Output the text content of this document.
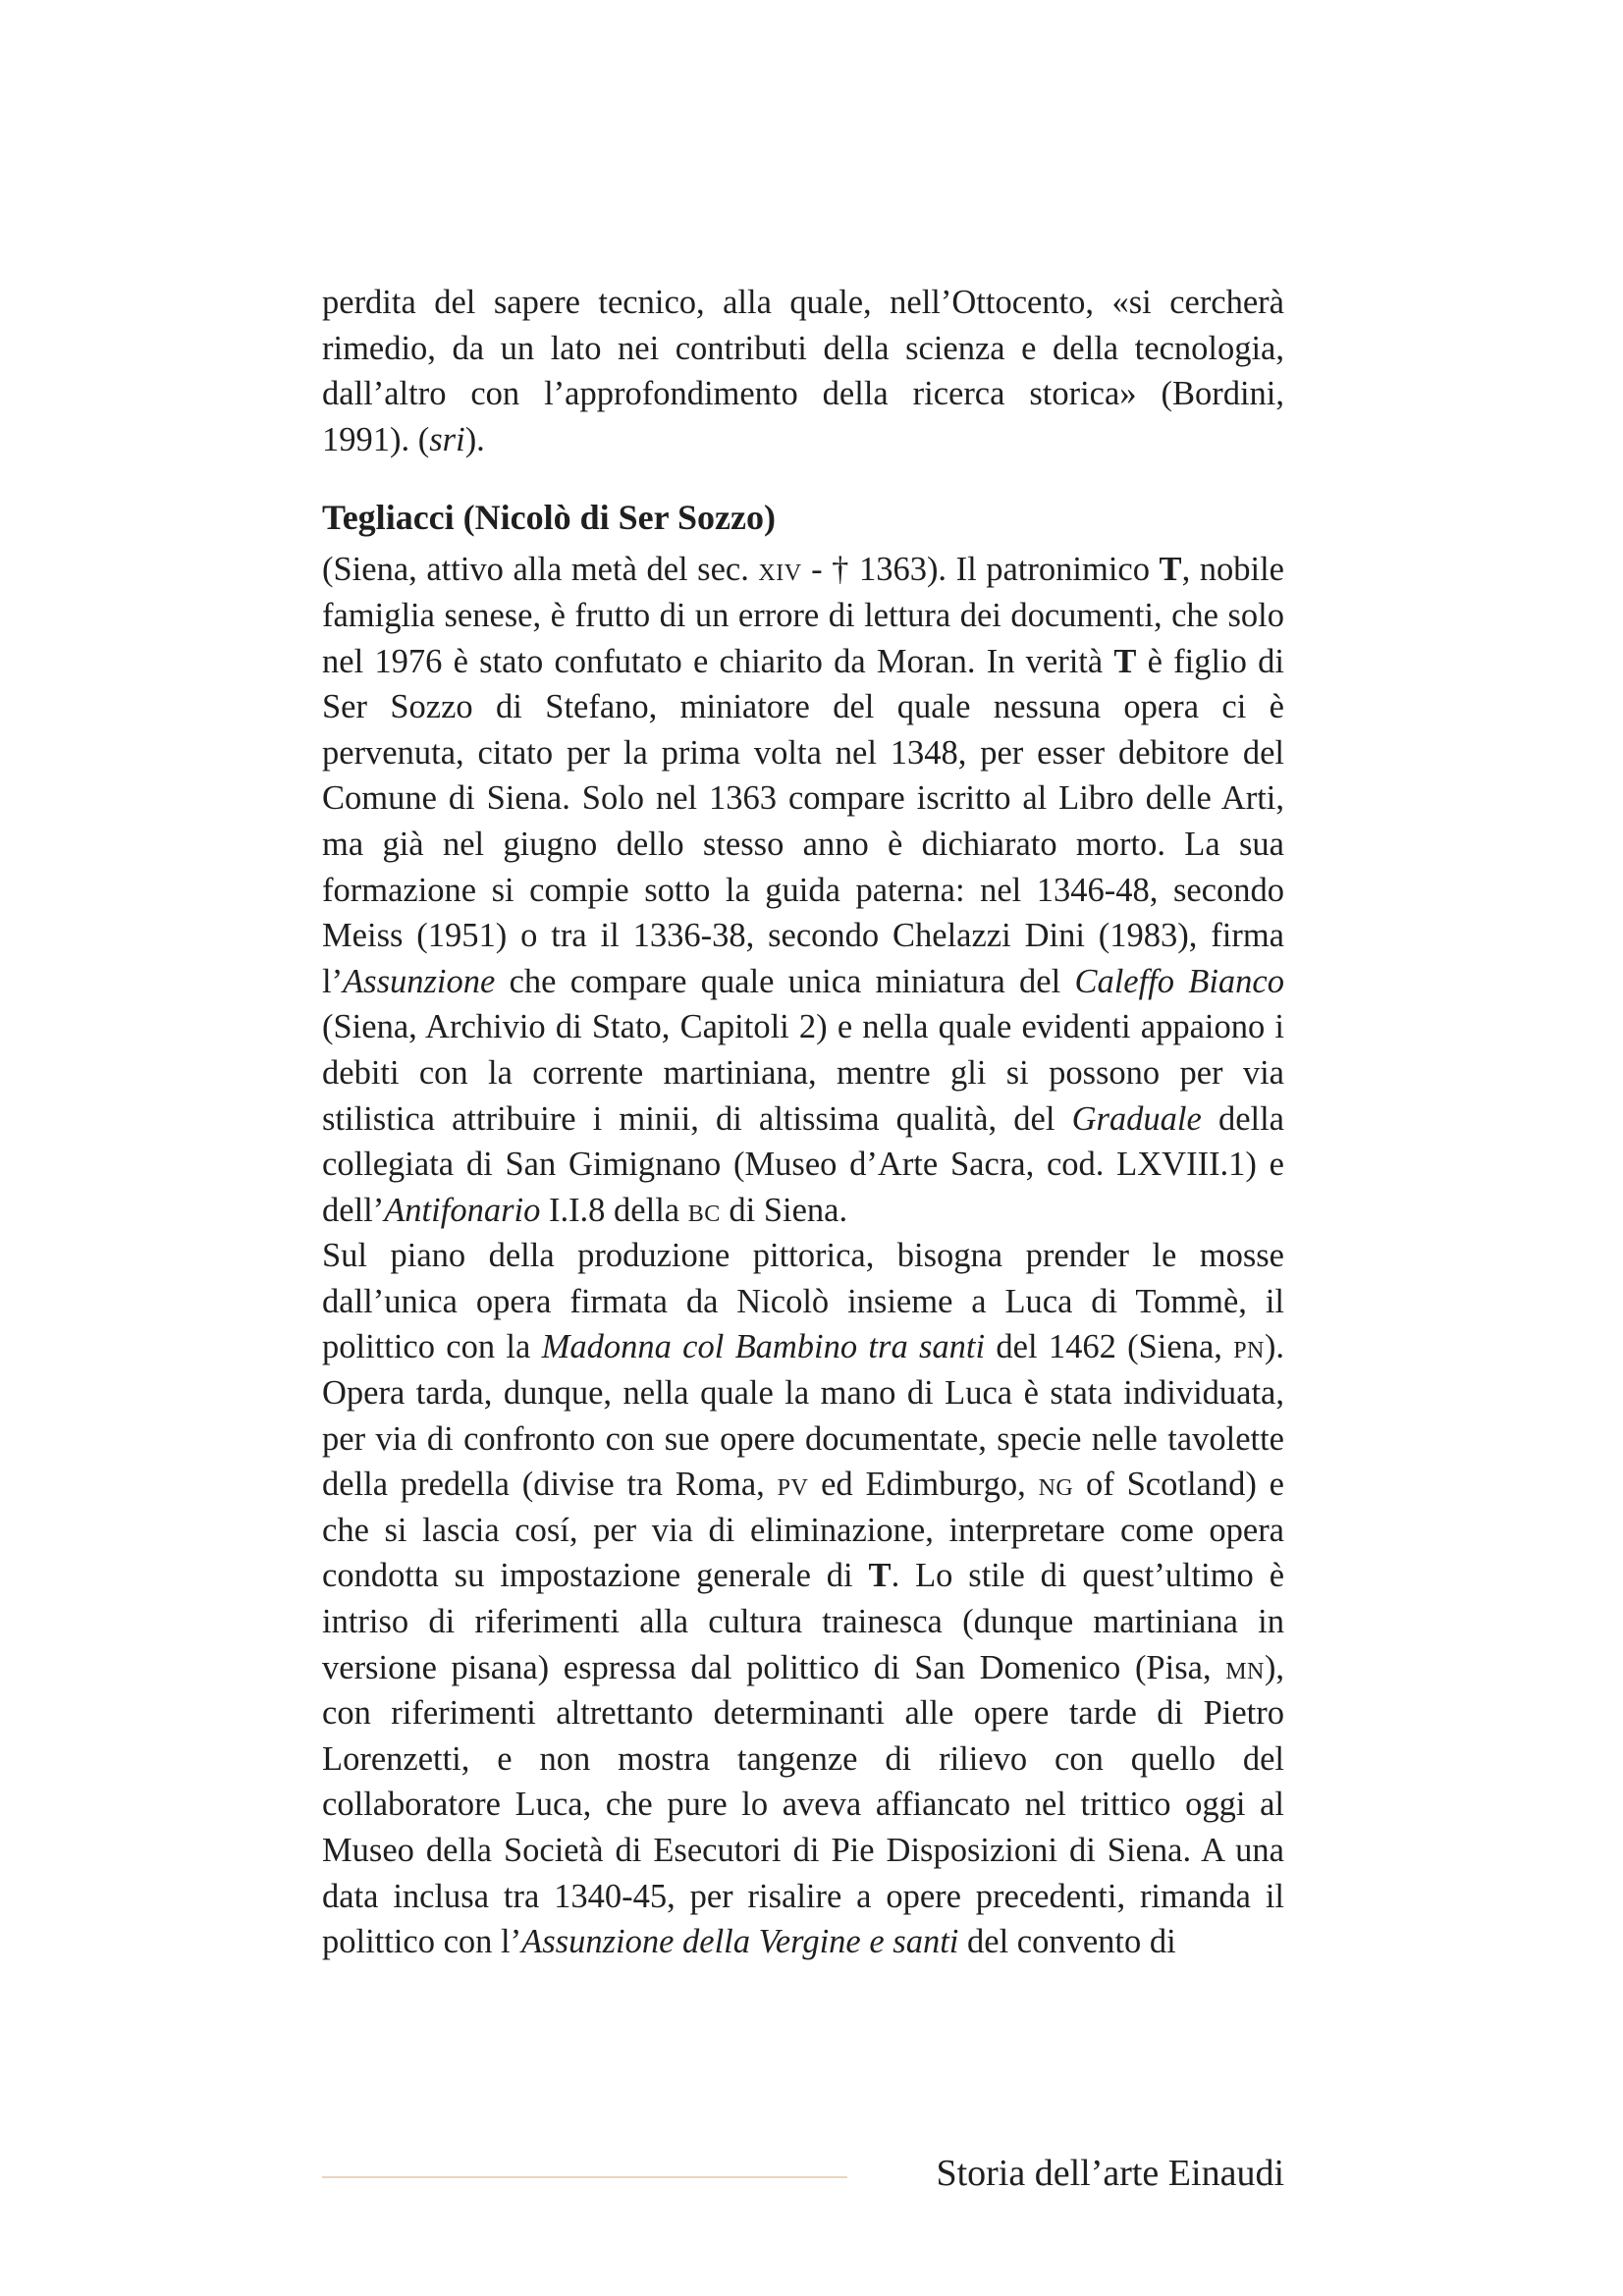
perdita del sapere tecnico, alla quale, nell’Ottocento, «si cercherà rimedio, da un lato nei contributi della scienza e della tecnologia, dall’altro con l’approfondimento della ricerca storica» (Bordini, 1991). (sri).

Tegliacci (Nicolò di Ser Sozzo)

(Siena, attivo alla metà del sec. xiv - † 1363). Il patronimico T, nobile famiglia senese, è frutto di un errore di lettura dei documenti, che solo nel 1976 è stato confutato e chiarito da Moran. In verità T è figlio di Ser Sozzo di Stefano, miniatore del quale nessuna opera ci è pervenuta, citato per la prima volta nel 1348, per esser debitore del Comune di Siena. Solo nel 1363 compare iscritto al Libro delle Arti, ma già nel giugno dello stesso anno è dichiarato morto. La sua formazione si compie sotto la guida paterna: nel 1346-48, secondo Meiss (1951) o tra il 1336-38, secondo Chelazzi Dini (1983), firma l’Assunzione che compare quale unica miniatura del Caleffo Bianco (Siena, Archivio di Stato, Capitoli 2) e nella quale evidenti appaiono i debiti con la corrente martiniana, mentre gli si possono per via stilistica attribuire i minii, di altissima qualità, del Graduale della collegiata di San Gimignano (Museo d’Arte Sacra, cod. LXVIII.1) e dell’Antifonario I.I.8 della bc di Siena.

Sul piano della produzione pittorica, bisogna prender le mosse dall’unica opera firmata da Nicolò insieme a Luca di Tommè, il polittico con la Madonna col Bambino tra santi del 1462 (Siena, pn). Opera tarda, dunque, nella quale la mano di Luca è stata individuata, per via di confronto con sue opere documentate, specie nelle tavolette della predella (divise tra Roma, pv ed Edimburgo, ng of Scotland) e che si lascia cosí, per via di eliminazione, interpretare come opera condotta su impostazione generale di T. Lo stile di quest’ultimo è intriso di riferimenti alla cultura trainesca (dunque martiniana in versione pisana) espressa dal polittico di San Domenico (Pisa, mn), con riferimenti altrettanto determinanti alle opere tarde di Pietro Lorenzetti, e non mostra tangenze di rilievo con quello del collaboratore Luca, che pure lo aveva affiancato nel trittico oggi al Museo della Società di Esecutori di Pie Disposizioni di Siena. A una data inclusa tra 1340-45, per risalire a opere precedenti, rimanda il polittico con l’Assunzione della Vergine e santi del convento di

Storia dell’arte Einaudi
